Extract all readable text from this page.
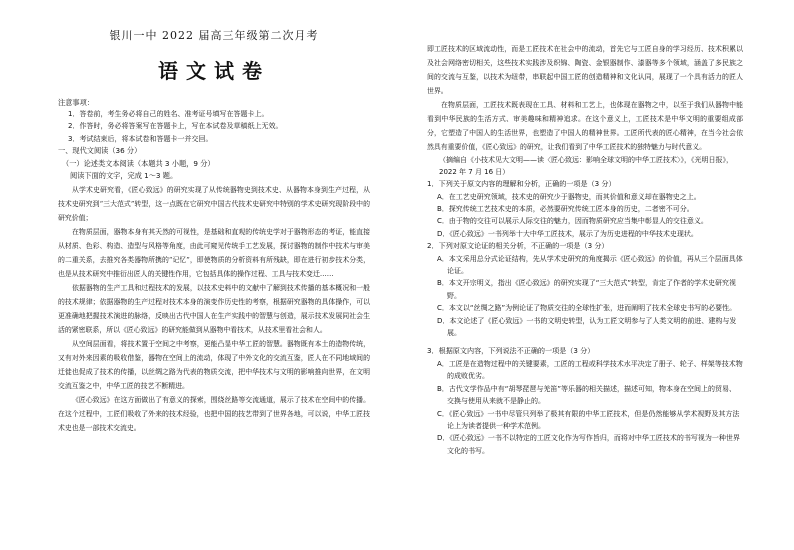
银川一中 2022 届高三年级第二次月考
语文试卷
注意事项：
1．答卷前，考生务必将自己的姓名、准考证号填写在答题卡上。
2．作答时，务必将答案写在答题卡上，写在本试卷及草稿纸上无效。
3．考试结束后，将本试卷和答题卡一并交回。
一、现代文阅读（36 分）
（一）论述类文本阅读（本题共 3 小题，9 分）
阅读下面的文字，完成 1～3 题。

从学术史研究看，《匠心致远》的研究实现了从传统器物史到技术史、从器物本身到生产过程，从技术史研究到“三大范式”转型，这一点既在它研究中国古代技术史研究中特别的学术史研究现阶段中的研究价值；

在物质层面，器物本身有其天然的可视性，是基础和直观的传统史学对于器物形态的考证，能直接从材质、色彩、构造、造型与风格等角度，由此可窥见传统手工艺发展，探讨器物的制作中技术与审美的二重关系，去推究各类器物所携的“记忆”，即使物质的分析资料有所残缺，即在进行初步技术分类，也是从技术研究中推衍出匠人的关键性作用，它包括具体的操作过程、工具与技术变迁……

依据器物的生产工具和过程技术的发展，以技术史料中的文献中了解到技术传播的基本概况和一般的技术规律；依据器物的生产过程对技术本身的演变作历史性的考察，根据研究器物的具体操作，可以更准确地把握技术演进的脉络，反映出古代中国人在生产实践中的智慧与创造，展示技术发展同社会生活的紧密联系，所以《匠心致远》的研究能做到从器物中看技术，从技术里看社会和人。

从空间层面看，将技术置于空间之中考察，更能凸显中华工匠的智慧。器物既有本土的造物传统，又有对外来因素的吸收借鉴，器物在空间上的流动，体现了中外文化的交流互鉴，匠人在不同地域间的迁徙也促成了技术的传播，以丝绸之路为代表的物质交流，把中华技术与文明的影响推向世界，在文明交流互鉴之中，中华工匠的技艺不断精进。

《匠心致远》在这方面做出了有意义的探索，围绕丝路等交流通道，展示了技术在空间中的传播。在这个过程中，工匠们吸收了外来的技术经验，也把中国的技艺带到了世界各地，可以说，中华工匠技术史也是一部技术交流史。

即工匠技术的区域流动性，而是工匠技术在社会中的流动，首先它与工匠自身的学习经历、技术积累以及社会网络密切相关，这些技术实践涉及织锦、陶瓷、金银器制作、漆器等多个领域，涵盖了多民族之间的交流与互鉴，以技术为纽带，串联起中国工匠的创造精神和文化认同，展现了一个具有活力的匠人世界。

在物质层面，工匠技术既表现在工具、材料和工艺上，也体现在器物之中，以至于我们从器物中能看到中华民族的生活方式、审美趣味和精神追求。在这个意义上，工匠技术是中华文明的重要组成部分，它塑造了中国人的生活世界，也塑造了中国人的精神世界。工匠所代表的匠心精神，在当今社会依然具有重要价值，《匠心致远》的研究，让我们看到了中华工匠技术的独特魅力与时代意义。

（摘编自《小技术见大文明——读〈匠心致远：影响全球文明的中华工匠技术〉》，《光明日报》，2022 年 7 月 16 日）
1．下列关于原文内容的理解和分析，正确的一项是（3 分）
A．在工艺史研究领域，技术史的研究少于器物史，而其价值和意义却在器物史之上。
B．探究传统工艺技术史的本质，必然要研究传统工匠本身的历史，二者密不可分。
C．由于物的交往可以展示人际交往的魅力，因而物质研究应当集中彰显人的交往意义。
D．《匠心致远》一书列举十大中华工匠技术，展示了为历史进程的中华技术史现状。
2．下列对原文论证的相关分析，不正确的一项是（3 分）
A．本文采用总分式论证结构，先从学术史研究的角度揭示《匠心致远》的价值，再从三个层面具体论证。
B．本文开宗明义，指出《匠心致远》的研究实现了“三大范式”转型，肯定了作者的学术史研究视野。
C．本文以“丝绸之路”为例论证了物质交往的全球性扩张，进而阐明了技术全球史书写的必要性。
D．本文论述了《匠心致远》一书的文明史转型，认为工匠文明参与了人类文明的前进、建构与发展。
3．根据原文内容，下列说法不正确的一项是（3 分）
A．工匠是在造物过程中的关键要素，工匠的工程或科学技术水平决定了册子、轮子、样架等技术物的成败优劣。
B．古代文学作品中有“胡琴琵琶与羌笛”等乐器的相关描述，描述可知，物本身在空间上的贸易、交换与使用从来就不是静止的。
C．《匠心致远》一书中尽管只列举了极其有限的中华工匠技术，但是仍然能够从学术视野及其方法论上为读者提供一种学术范例。
D．《匠心致远》一书不以特定的工匠文化作为写作旨归，而将对中华工匠技术的书写视为一种世界文化的书写。
